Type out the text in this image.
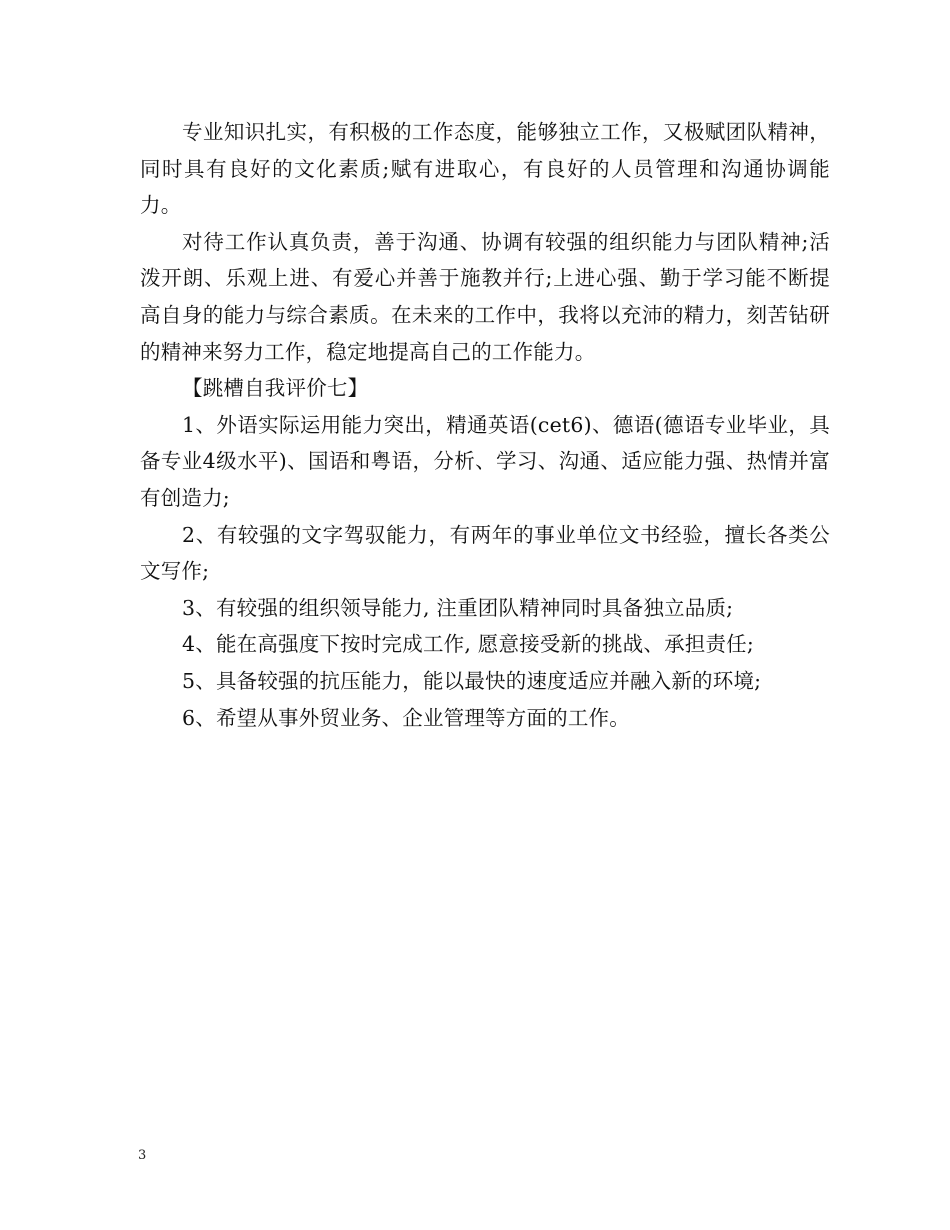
专业知识扎实，有积极的工作态度，能够独立工作，又极赋团队精神，同时具有良好的文化素质;赋有进取心，有良好的人员管理和沟通协调能力。

对待工作认真负责，善于沟通、协调有较强的组织能力与团队精神;活泼开朗、乐观上进、有爱心并善于施教并行;上进心强、勤于学习能不断提高自身的能力与综合素质。在未来的工作中，我将以充沛的精力，刻苦钻研的精神来努力工作，稳定地提高自己的工作能力。

【跳槽自我评价七】

1、外语实际运用能力突出，精通英语(cet6)、德语(德语专业毕业，具备专业4级水平)、国语和粤语，分析、学习、沟通、适应能力强、热情并富有创造力;

2、有较强的文字驾驭能力，有两年的事业单位文书经验，擅长各类公文写作;

3、有较强的组织领导能力, 注重团队精神同时具备独立品质;

4、能在高强度下按时完成工作, 愿意接受新的挑战、承担责任;

5、具备较强的抗压能力，能以最快的速度适应并融入新的环境;

6、希望从事外贸业务、企业管理等方面的工作。

3
